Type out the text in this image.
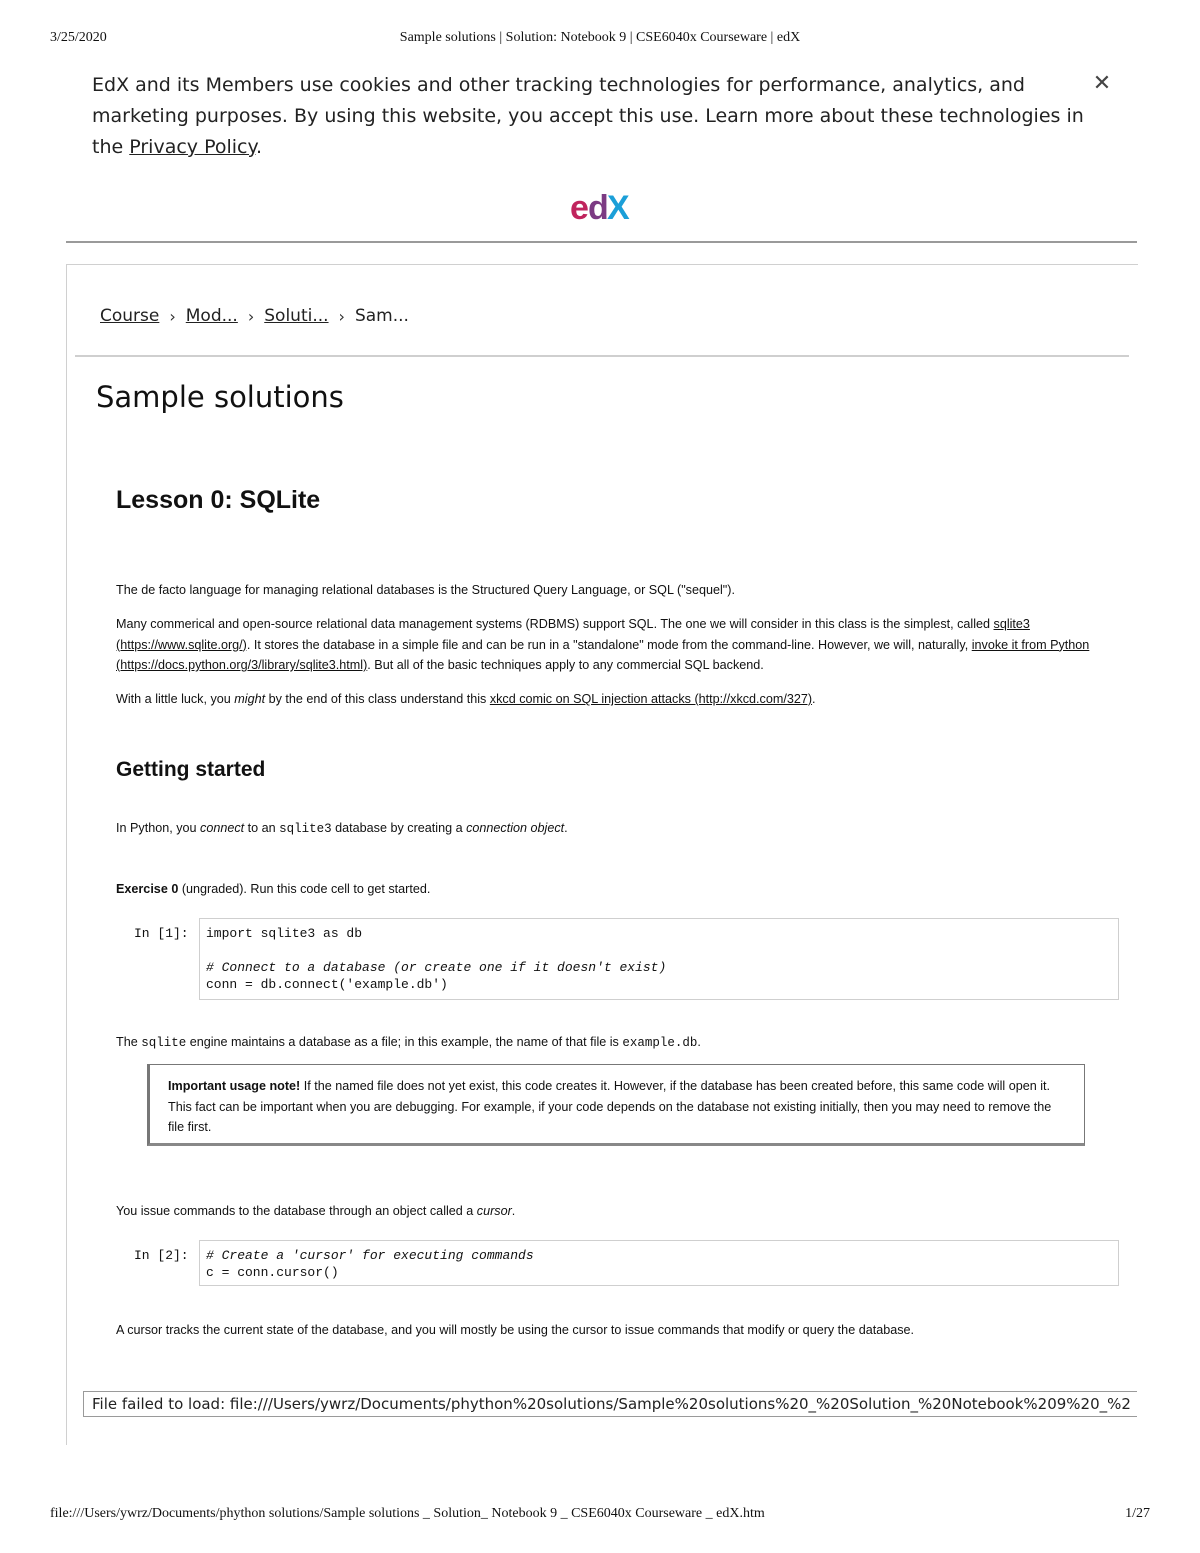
3/25/2020	Sample solutions | Solution: Notebook 9 | CSE6040x Courseware | edX
EdX and its Members use cookies and other tracking technologies for performance, analytics, and marketing purposes. By using this website, you accept this use. Learn more about these technologies in the Privacy Policy.
✕
e d
X
Course › Mod... › Soluti... › Sam...
Sample solutions
Lesson 0: SQLite
The de facto language for managing relational databases is the Structured Query Language, or SQL ("sequel").
Many commerical and open-source relational data management systems (RDBMS) support SQL. The one we will consider in this class is the simplest, called sqlite3 (https://www.sqlite.org/). It stores the database in a simple file and can be run in a "standalone" mode from the command-line. However, we will, naturally, invoke it from Python (https://docs.python.org/3/library/sqlite3.html). But all of the basic techniques apply to any commercial SQL backend.
With a little luck, you might by the end of this class understand this xkcd comic on SQL injection attacks (http://xkcd.com/327).
Getting started
In Python, you connect to an sqlite3 database by creating a connection object.
Exercise 0 (ungraded). Run this code cell to get started.
In [1]: import sqlite3 as db
# Connect to a database (or create one if it doesn't exist)
conn = db.connect('example.db')
The sqlite engine maintains a database as a file; in this example, the name of that file is example.db.
Important usage note! If the named file does not yet exist, this code creates it. However, if the database has been created before, this same code will open it. This fact can be important when you are debugging. For example, if your code depends on the database not existing initially, then you may need to remove the file first.
You issue commands to the database through an object called a cursor.
In [2]: # Create a 'cursor' for executing commands
c = conn.cursor()
A cursor tracks the current state of the database, and you will mostly be using the cursor to issue commands that modify or query the database.
File failed to load: file:///Users/ywrz/Documents/phython%20solutions/Sample%20solutions%20_%20Solution_%20Notebook%209%20_%2
file:///Users/ywrz/Documents/phython solutions/Sample solutions _ Solution_ Notebook 9 _ CSE6040x Courseware _ edX.htm	1/27
